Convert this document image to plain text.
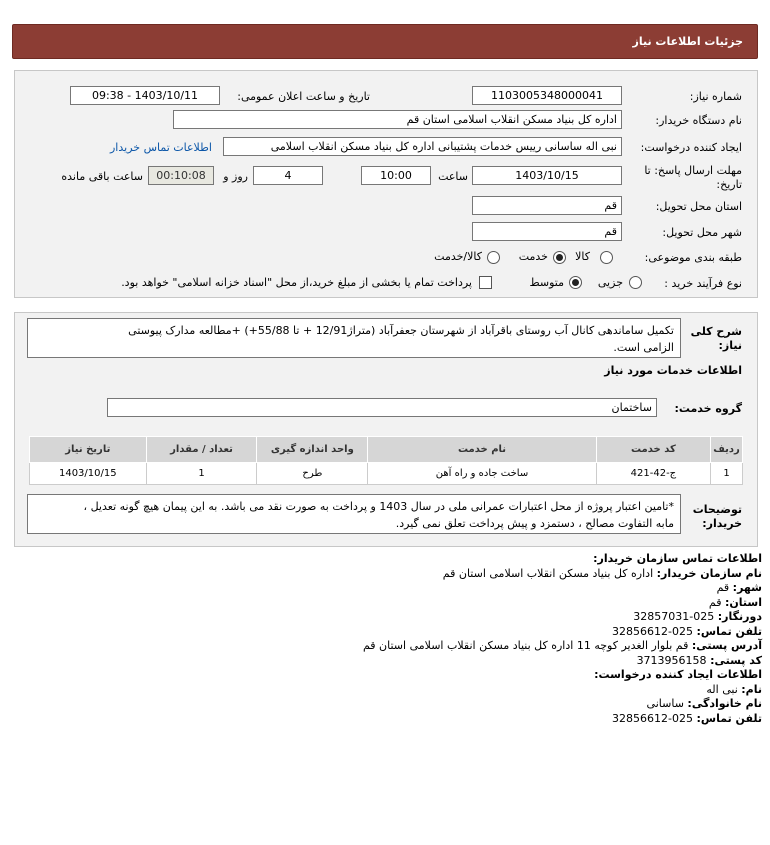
جزئیات اطلاعات نیاز
شماره نیاز:
1103005348000041
تاریخ و ساعت اعلان عمومی:
1403/10/11 - 09:38
نام دستگاه خریدار:
اداره کل بنیاد مسکن انقلاب اسلامی استان قم
ایجاد کننده درخواست:
نبی اله ساسانی رییس خدمات پشتیبانی اداره کل بنیاد مسکن انقلاب اسلامی
اطلاعات تماس خریدار
مهلت ارسال پاسخ: تا
تاریخ:
1403/10/15
ساعت
10:00
4
روز و
00:10:08
ساعت باقی مانده
استان محل تحویل:
قم
شهر محل تحویل:
قم
طبقه بندی موضوعی:
کالا
خدمت
کالا/خدمت
نوع فرآیند خرید :
جزیی
متوسط
پرداخت تمام یا بخشی از مبلغ خرید،از محل "اسناد خزانه اسلامی" خواهد بود.
شرح کلی
نیاز:
تکمیل ساماندهی کانال آب روستای باقرآباد از شهرستان جعفرآباد (متراژ12/91 + تا 55/88+) +مطالعه مدارک پیوستی
الزامی است.
اطلاعات خدمات مورد نیاز
گروه خدمت:
ساختمان
ردیف	کد خدمت	نام خدمت	واحد اندازه گیری	تعداد / مقدار	تاریخ نیاز
1	ج-42-421	ساخت جاده و راه آهن	طرح	1	1403/10/15
توضیحات
خریدار:
*تامین اعتبار پروژه از محل اعتبارات عمرانی ملی در سال 1403 و پرداخت به صورت نقد می باشد. به این پیمان هیچ گونه تعدیل ،
مابه التفاوت مصالح ، دستمزد و پیش پرداخت تعلق نمی گیرد.
اطلاعات تماس سازمان خریدار:
نام سازمان خریدار: اداره کل بنیاد مسکن انقلاب اسلامی استان قم
شهر: قم
استان: قم
دورنگار: 025-32857031
تلفن تماس: 025-32856612
آدرس پستی: قم بلوار الغدیر کوچه 11 اداره کل بنیاد مسکن انقلاب اسلامی استان قم
کد پستی: 3713956158
اطلاعات ایجاد کننده درخواست:
نام: نبی اله
نام خانوادگی: ساسانی
تلفن تماس: 025-32856612
